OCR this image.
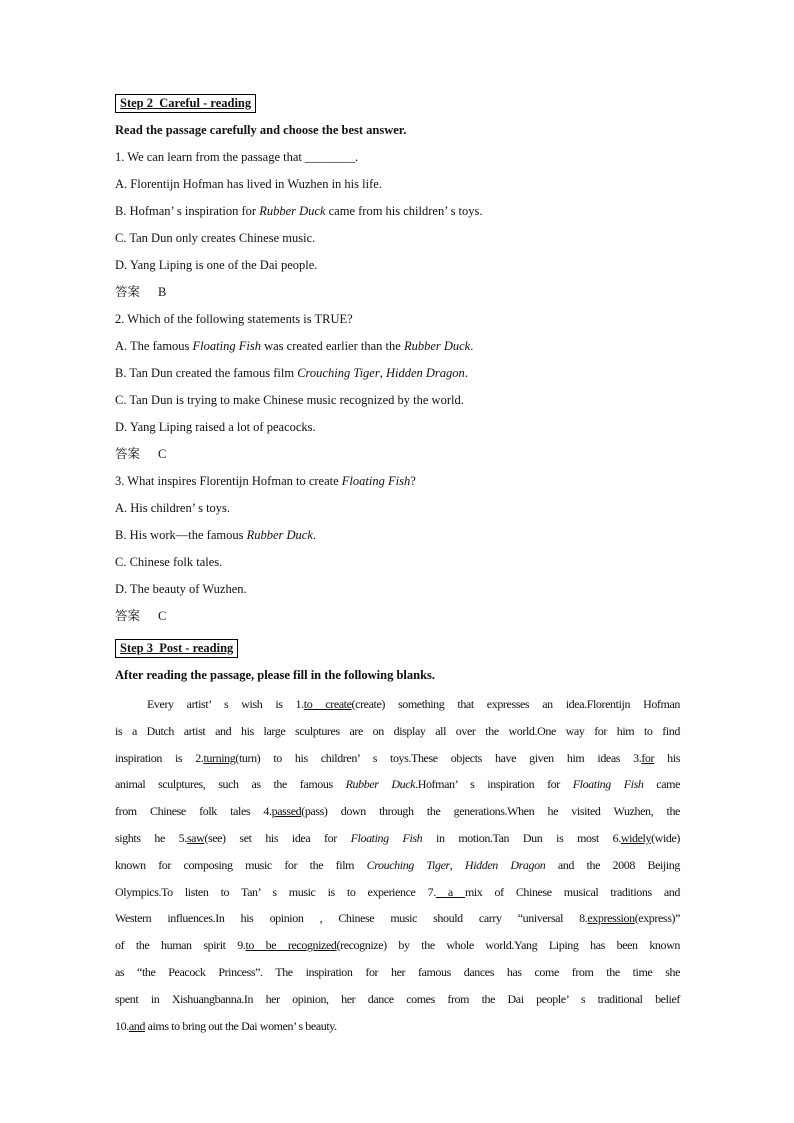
Step 2  Careful - reading

Read the passage carefully and choose the best answer.

1. We can learn from the passage that ________.

A. Florentijn Hofman has lived in Wuzhen in his life.

B. Hofman’ s inspiration for Rubber Duck came from his children’ s toys.

C. Tan Dun only creates Chinese music.

D. Yang Liping is one of the Dai people.

答案 B

2. Which of the following statements is TRUE?

A. The famous Floating Fish was created earlier than the Rubber Duck.

B. Tan Dun created the famous film Crouching Tiger, Hidden Dragon.

C. Tan Dun is trying to make Chinese music recognized by the world.

D. Yang Liping raised a lot of peacocks.

答案 C

3. What inspires Florentijn Hofman to create Floating Fish?

A. His children’ s toys.

B. His work—the famous Rubber Duck.

C. Chinese folk tales.

D. The beauty of Wuzhen.

答案 C

Step 3  Post - reading

After reading the passage, please fill in the following blanks.

Every artist’ s wish is 1.to create(create) something that expresses an idea.Florentijn Hofman
is a Dutch artist and his large sculptures are on display all over the world.One way for him to find
inspiration is 2.turning(turn) to his children’ s toys.These objects have given him ideas 3.for his
animal sculptures, such as the famous Rubber Duck.Hofman’ s inspiration for Floating Fish came
from Chinese folk tales 4.passed(pass) down through the generations.When he visited Wuzhen, the
sights he 5.saw(see) set his idea for Floating Fish in motion.Tan Dun is most 6.widely(wide)
known for composing music for the film Crouching Tiger, Hidden Dragon and the 2008 Beijing
Olympics.To listen to Tan’ s music is to experience 7. a mix of Chinese musical traditions and
Western influences.In his opinion , Chinese music should carry “universal 8.expression(express)”
of the human spirit 9.to be recognized(recognize) by the whole world.Yang Liping has been known
as “the Peacock Princess”. The inspiration for her famous dances has come from the time she
spent in Xishuangbanna.In her opinion, her dance comes from the Dai people’ s traditional belief
10.and aims to bring out the Dai women’ s beauty.
